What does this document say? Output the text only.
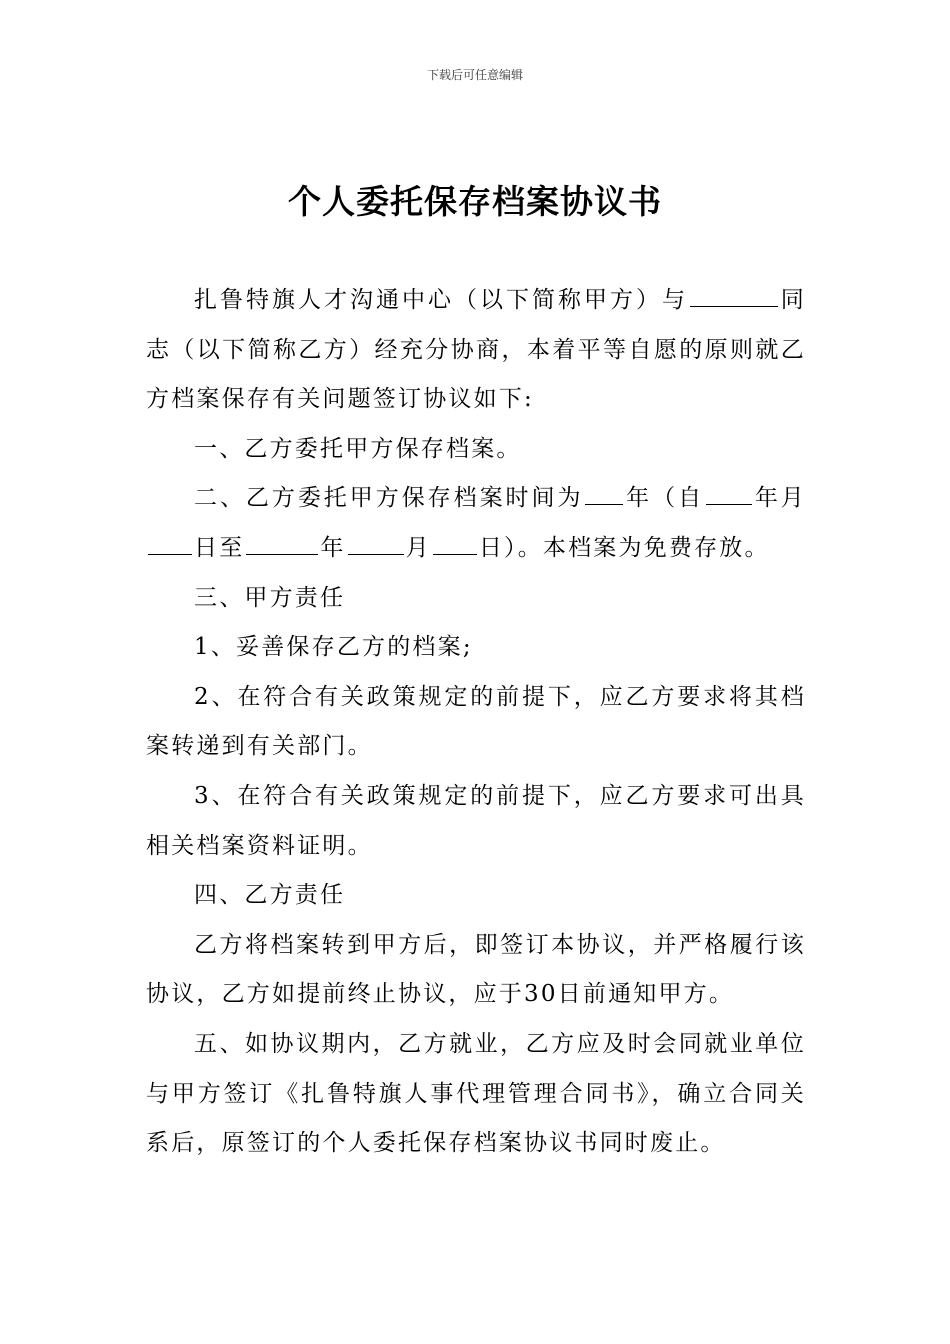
下载后可任意编辑
个人委托保存档案协议书

扎鲁特旗人才沟通中心（以下简称甲方）与	同志（以下简称乙方）经充分协商，本着平等自愿的原则就乙方档案保存有关问题签订协议如下:

一、乙方委托甲方保存档案。

二、乙方委托甲方保存档案时间为 年（自 年月日至	年	月 日）。本档案为免费存放。

三、甲方责任

1、妥善保存乙方的档案;

2、在符合有关政策规定的前提下，应乙方要求将其档案转递到有关部门。

3、在符合有关政策规定的前提下，应乙方要求可出具相关档案资料证明。

四、乙方责任

乙方将档案转到甲方后，即签订本协议，并严格履行该协议，乙方如提前终止协议，应于30日前通知甲方。

五、如协议期内，乙方就业，乙方应及时会同就业单位与甲方签订《扎鲁特旗人事代理管理合同书》，确立合同关系后，原签订的个人委托保存档案协议书同时废止。
